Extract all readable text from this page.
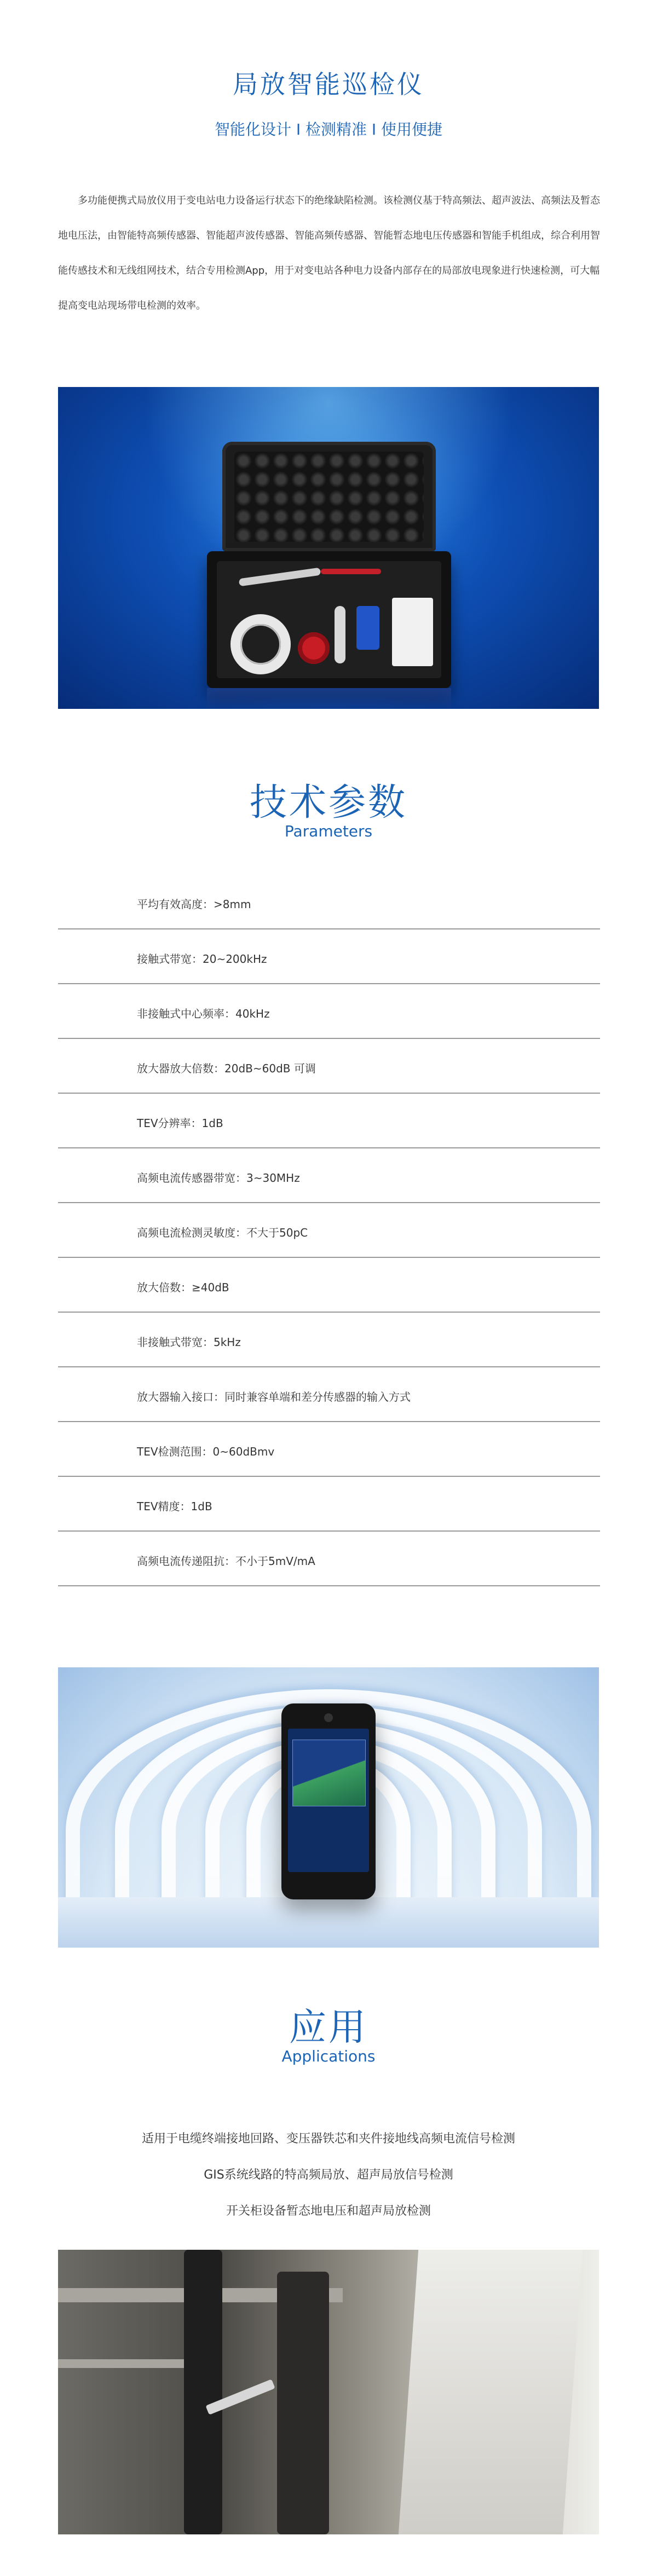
局放智能巡检仪
智能化设计 I 检测精准 I 使用便捷
多功能便携式局放仪用于变电站电力设备运行状态下的绝缘缺陷检测。该检测仪基于特高频法、超声波法、高频法及暂态地电压法，由智能特高频传感器、智能超声波传感器、智能高频传感器、智能暂态地电压传感器和智能手机组成，综合利用智能传感技术和无线组网技术，结合专用检测App，用于对变电站各种电力设备内部存在的局部放电现象进行快速检测，可大幅提高变电站现场带电检测的效率。
技术参数
Parameters
平均有效高度：>8mm
接触式带宽：20~200kHz
非接触式中心频率：40kHz
放大器放大倍数：20dB~60dB 可调
TEV分辨率：1dB
高频电流传感器带宽：3~30MHz
高频电流检测灵敏度：不大于50pC
放大倍数：≥40dB
非接触式带宽：5kHz
放大器输入接口：同时兼容单端和差分传感器的输入方式
TEV检测范围：0~60dBmv
TEV精度：1dB
高频电流传递阻抗：不小于5mV/mA
应用
Applications
适用于电缆终端接地回路、变压器铁芯和夹件接地线高频电流信号检测
GIS系统线路的特高频局放、超声局放信号检测
开关柜设备暂态地电压和超声局放检测
